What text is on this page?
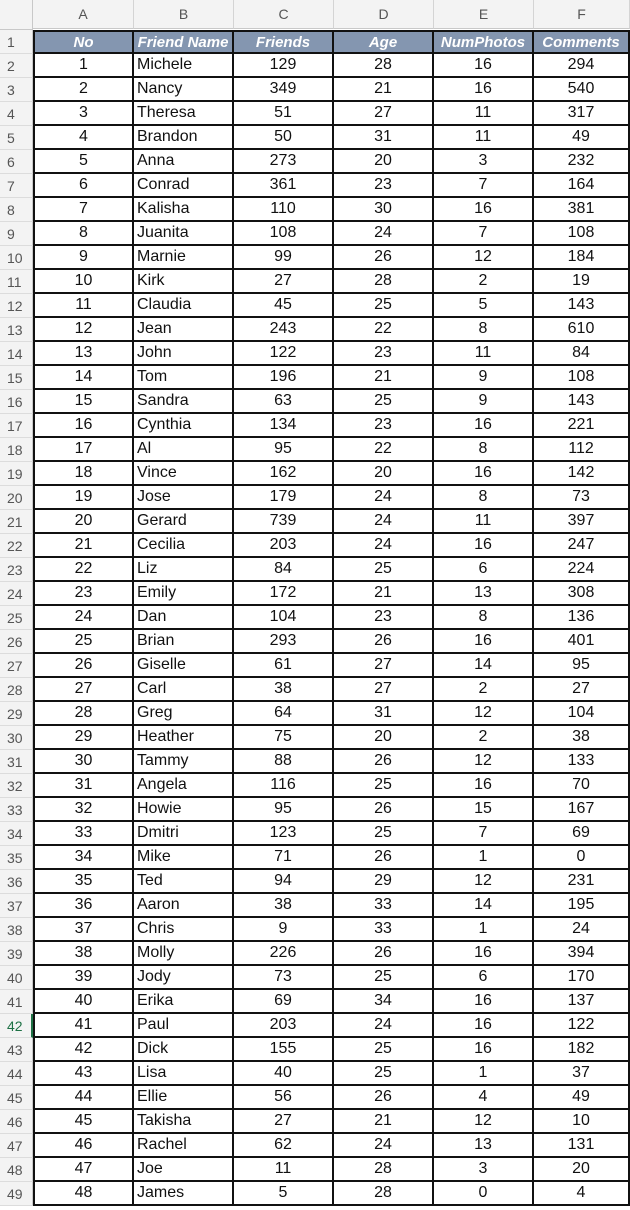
A	B	C	D	E	F
1
2
3
4
5
6
7
8
9
10
11
12
13
14
15
16
17
18
19
20
21
22
23
24
25
26
27
28
29
30
31
32
33
34
35
36
37
38
39
40
41
42
43
44
45
46
47
48
49
No	Friend Name	Friends	Age	NumPhotos	Comments
1	Michele	129	28	16	294
2	Nancy	349	21	16	540
3	Theresa	51	27	11	317
4	Brandon	50	31	11	49
5	Anna	273	20	3	232
6	Conrad	361	23	7	164
7	Kalisha	110	30	16	381
8	Juanita	108	24	7	108
9	Marnie	99	26	12	184
10	Kirk	27	28	2	19
11	Claudia	45	25	5	143
12	Jean	243	22	8	610
13	John	122	23	11	84
14	Tom	196	21	9	108
15	Sandra	63	25	9	143
16	Cynthia	134	23	16	221
17	Al	95	22	8	112
18	Vince	162	20	16	142
19	Jose	179	24	8	73
20	Gerard	739	24	11	397
21	Cecilia	203	24	16	247
22	Liz	84	25	6	224
23	Emily	172	21	13	308
24	Dan	104	23	8	136
25	Brian	293	26	16	401
26	Giselle	61	27	14	95
27	Carl	38	27	2	27
28	Greg	64	31	12	104
29	Heather	75	20	2	38
30	Tammy	88	26	12	133
31	Angela	116	25	16	70
32	Howie	95	26	15	167
33	Dmitri	123	25	7	69
34	Mike	71	26	1	0
35	Ted	94	29	12	231
36	Aaron	38	33	14	195
37	Chris	9	33	1	24
38	Molly	226	26	16	394
39	Jody	73	25	6	170
40	Erika	69	34	16	137
41	Paul	203	24	16	122
42	Dick	155	25	16	182
43	Lisa	40	25	1	37
44	Ellie	56	26	4	49
45	Takisha	27	21	12	10
46	Rachel	62	24	13	131
47	Joe	11	28	3	20
48	James	5	28	0	4
